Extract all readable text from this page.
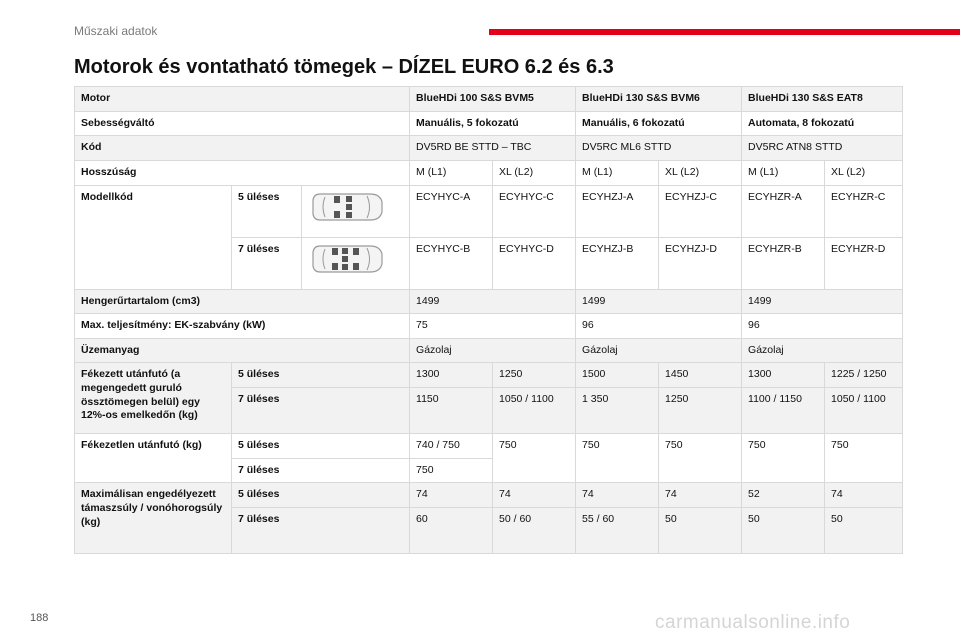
Műszaki adatok
Motorok és vontatható tömegek – DÍZEL EURO 6.2 és 6.3
Motor			BlueHDi 100 S&S BVM5		BlueHDi 130 S&S BVM6		BlueHDi 130 S&S EAT8	
Sebességváltó			Manuális, 5 fokozatú		Manuális, 6 fokozatú		Automata, 8 fokozatú	
Kód			DV5RD BE STTD – TBC		DV5RC ML6 STTD		DV5RC ATN8 STTD	
Hosszúság			M (L1)	XL (L2)	M (L1)	XL (L2)	M (L1)	XL (L2)
Modellkód	5 üléses		ECYHYC-A	ECYHYC-C	ECYHZJ-A	ECYHZJ-C	ECYHZR-A	ECYHZR-C
	7 üléses		ECYHYC-B	ECYHYC-D	ECYHZJ-B	ECYHZJ-D	ECYHZR-B	ECYHZR-D
Hengerűrtartalom (cm3)			1499		1499		1499	
Max. teljesítmény: EK-szabvány (kW)			75		96		96	
Üzemanyag			Gázolaj		Gázolaj		Gázolaj	
Fékezett utánfutó (a megengedett guruló össztömegen belül) egy 12%-os emelkedőn (kg)	5 üléses		1300	1250	1500	1450	1300	1225 / 1250
	7 üléses		1150	1050 / 1100	1 350	1250	1100 / 1150	1050 / 1100
Fékezetlen utánfutó (kg)	5 üléses		740 / 750	750	750	750	750	750
	7 üléses		750					
Maximálisan engedélyezett támaszsúly / vonóhorogsúly (kg)	5 üléses		74	74	74	74	52	74
	7 üléses		60	50 / 60	55 / 60	50	50	50
188	carmanualsonline.info
